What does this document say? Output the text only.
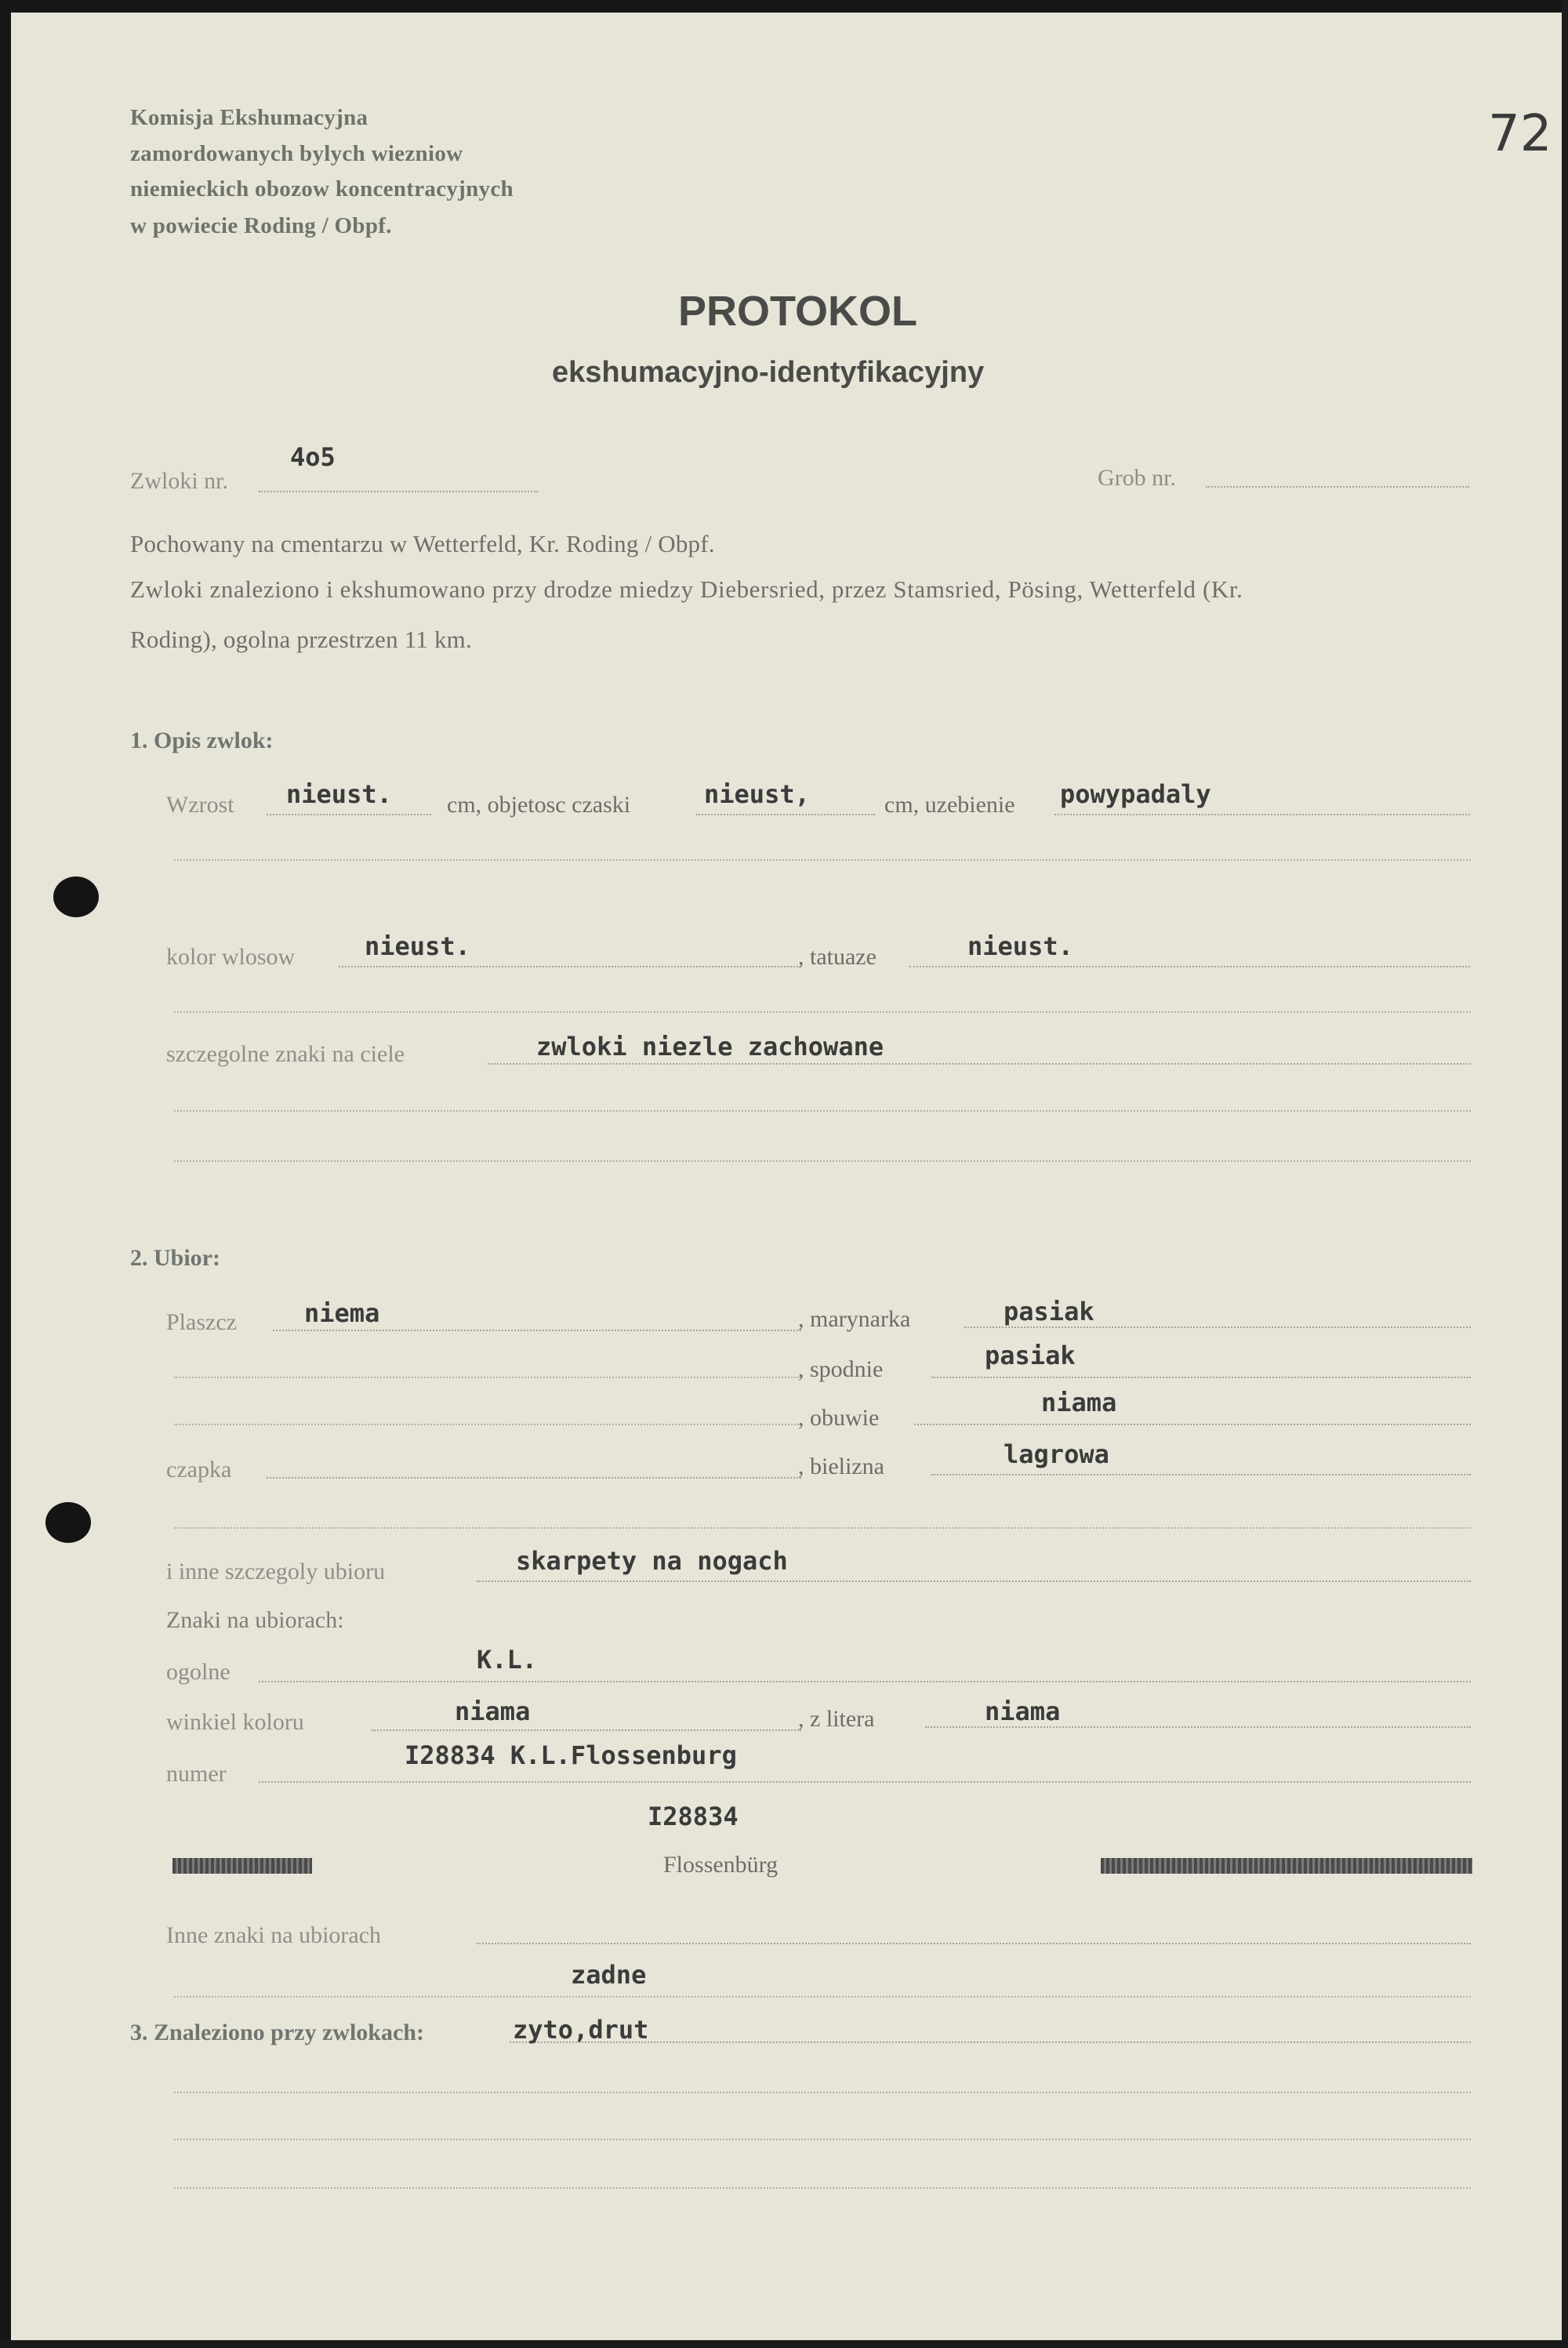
Komisja Ekshumacyjna
zamordowanych bylych wiezniow
niemieckich obozow koncentracyjnych
w powiecie Roding / Obpf.
72
PROTOKOL
ekshumacyjno-identyfikacyjny
Zwloki nr.
4o5
Grob nr.
Pochowany na cmentarzu w Wetterfeld, Kr. Roding / Obpf.
Zwloki znaleziono i ekshumowano przy drodze miedzy Diebersried, przez Stamsried, Pösing, Wetterfeld (Kr.
Roding), ogolna przestrzen 11 km.
1. Opis zwlok:
Wzrost nieust. cm, objetosc czaski	nieust,	cm, uzebienie powypadaly
kolor wlosow	nieust.	, tatuaze	nieust.
szczegolne znaki na ciele	zwloki niezle zachowane
2. Ubior:
Plaszcz	niema	, marynarka	pasiak
, spodnie	pasiak
, obuwie
niama
czapka	, bielizna	lagrowa
i inne szczegoly ubioru	skarpety na nogach
Znaki na ubiorach:
ogolne	K.L.
winkiel koloru	niama	, z litera	niama
numer
I28834 K.L.Flossenburg
I28834
Flossenbürg
Inne znaki na ubiorach
zadne
3. Znaleziono przy zwlokach:	zyto,drut
